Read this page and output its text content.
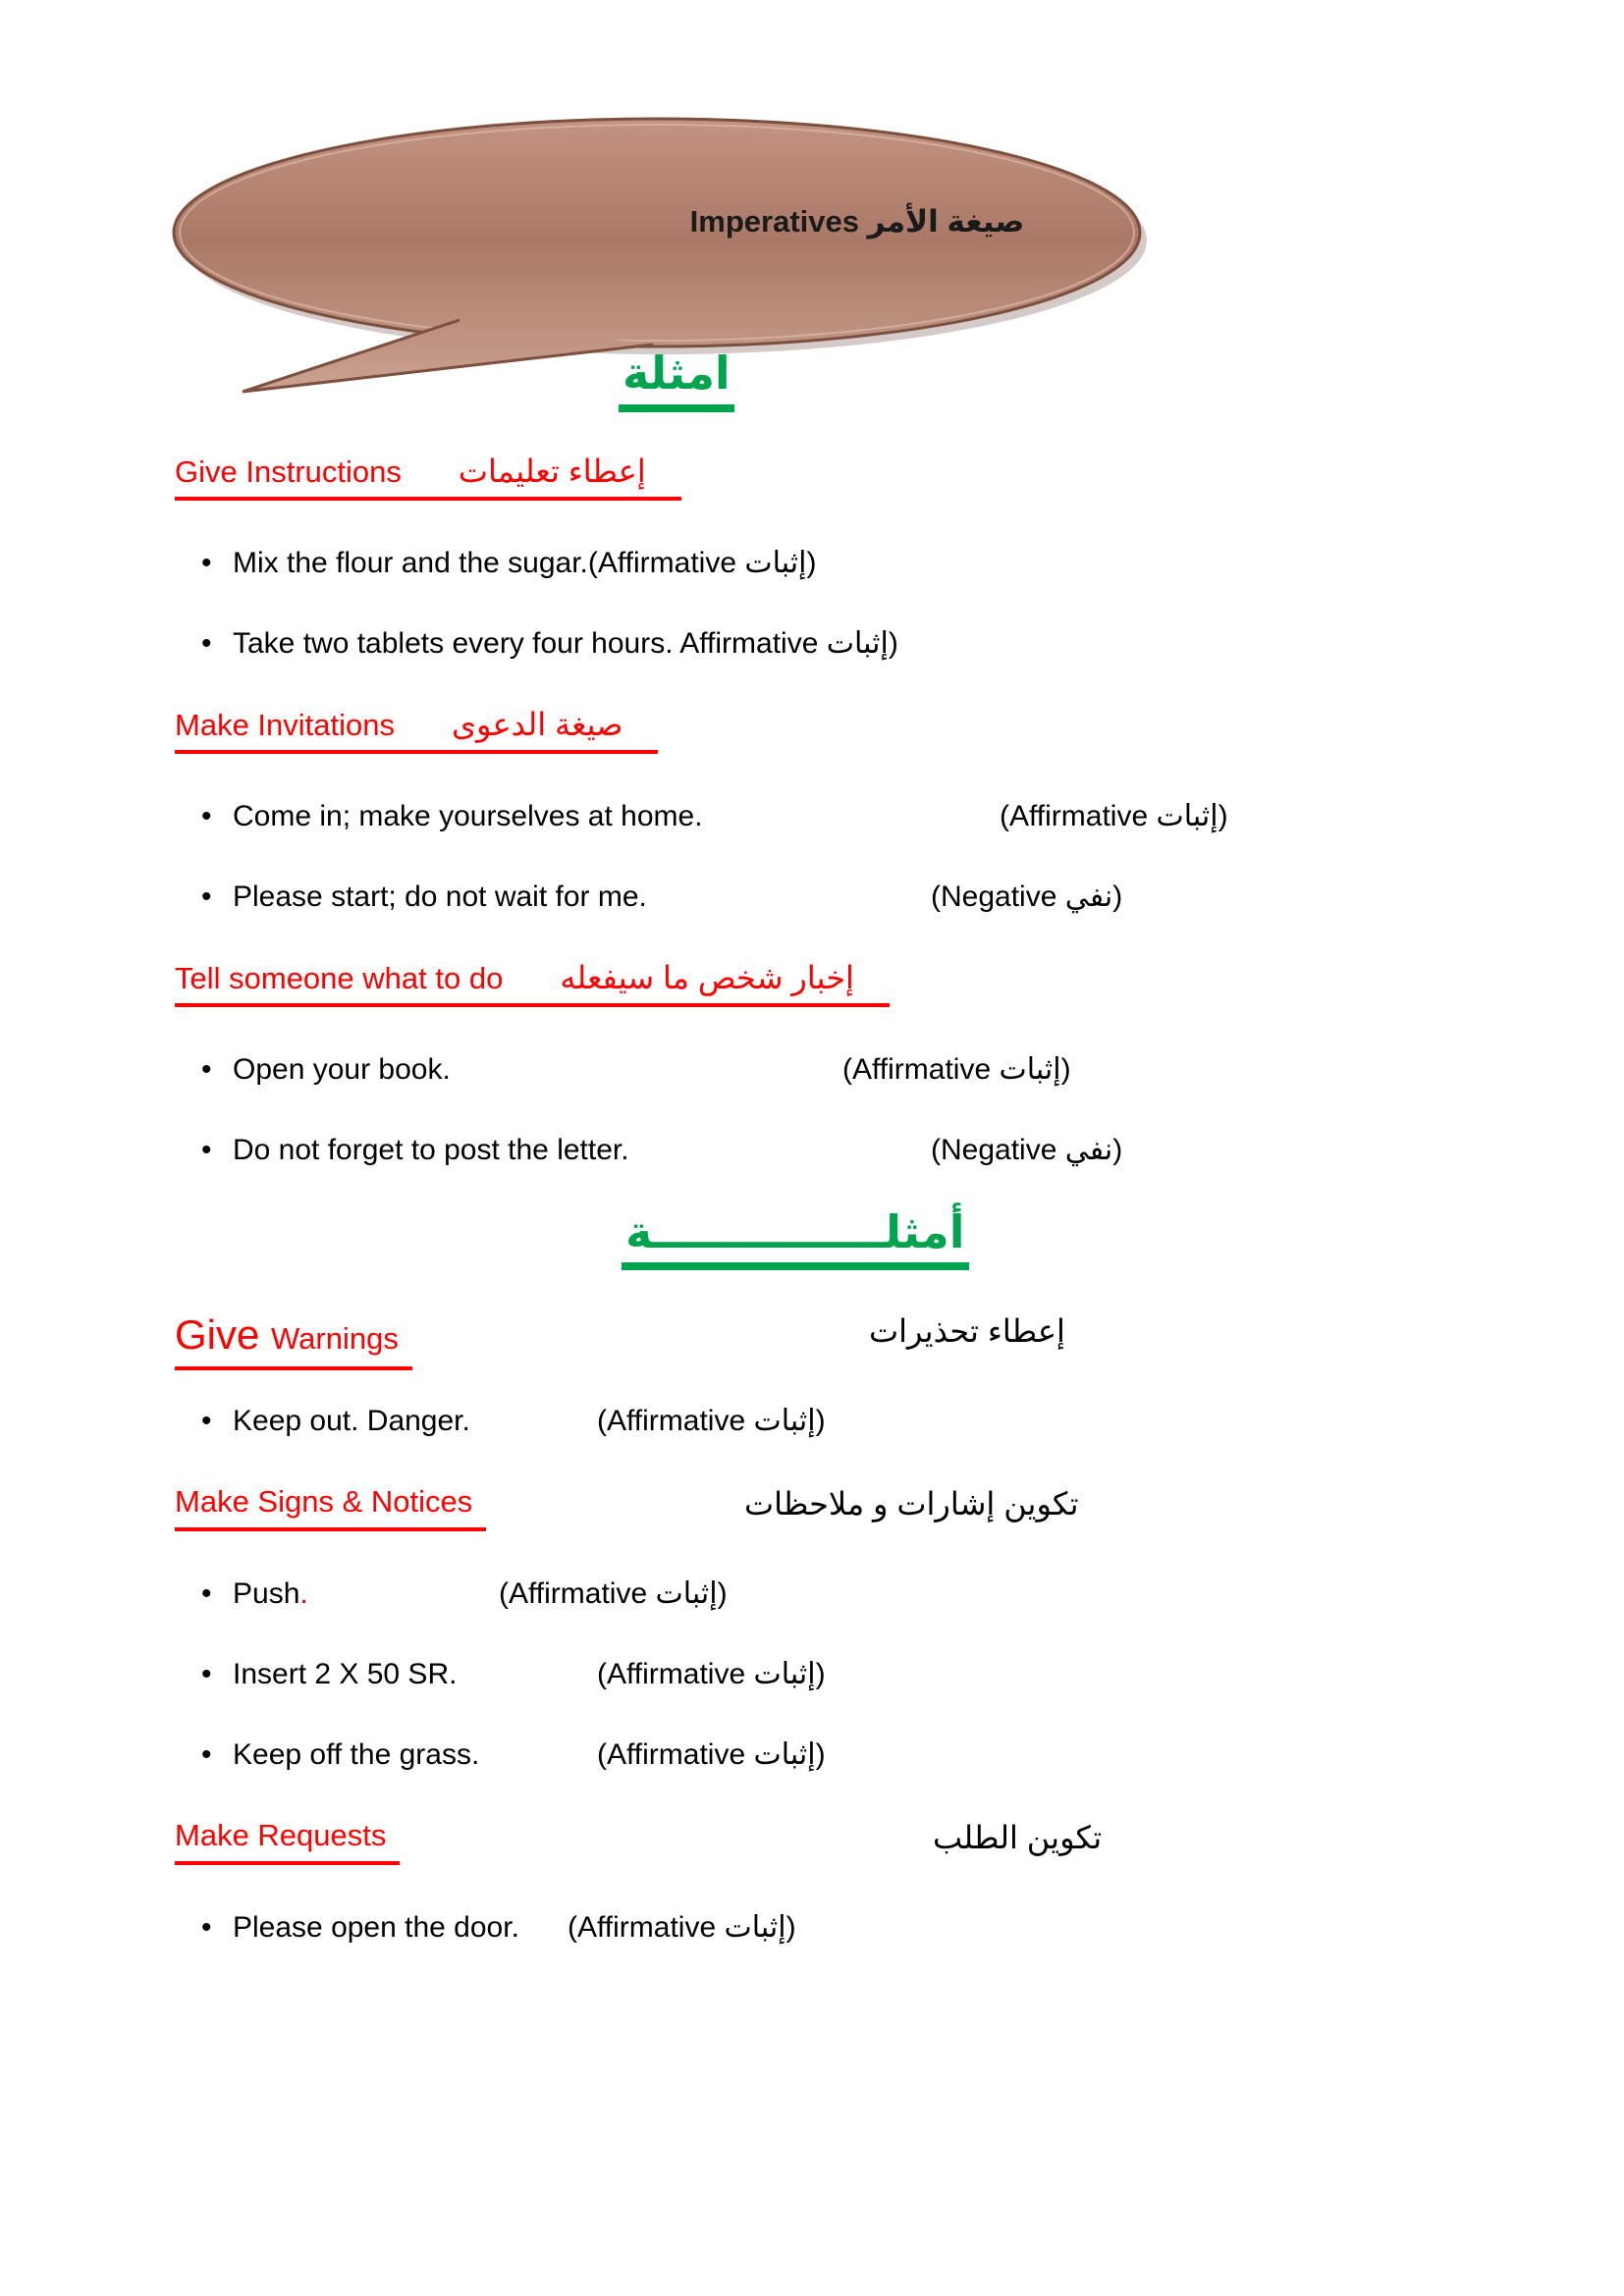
Imperatives صيغة الأمر
امثلة
Give Instructions إعطاء تعليمات
• Mix the flour and the sugar.(Affirmative إثبات)
• Take two tablets every four hours. Affirmative إثبات)
Make Invitations صيغة الدعوى
• Come in; make yourselves at home.	(Affirmative إثبات)
• Please start; do not wait for me.	(Negative نفي)
Tell someone what to do إخبار شخص ما سيفعله
• Open your book.	(Affirmative إثبات)
• Do not forget to post the letter.	(Negative نفي)
أمثلـــــــــــــــة
Give Warnings	إعطاء تحذيرات
• Keep out. Danger.	(Affirmative إثبات)
Make Signs & Notices	تكوين إشارات و ملاحظات
• Push.	(Affirmative إثبات)
• Insert 2 X 50 SR.	(Affirmative إثبات)
• Keep off the grass.	(Affirmative إثبات)
Make Requests	تكوين الطلب
• Please open the door. (Affirmative إثبات)
